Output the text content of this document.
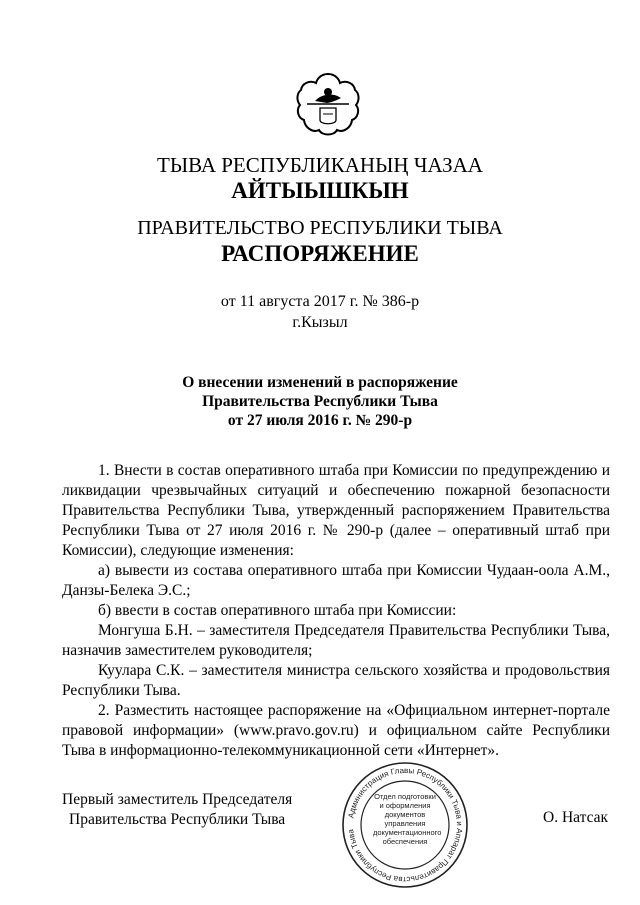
ТЫВА РЕСПУБЛИКАНЫҢ ЧАЗАА
АЙТЫЫШКЫН
ПРАВИТЕЛЬСТВО РЕСПУБЛИКИ ТЫВА
РАСПОРЯЖЕНИЕ
от 11 августа 2017 г. № 386-р
г.Кызыл
О внесении изменений в распоряжение
Правительства Республики Тыва
от 27 июля 2016 г. № 290-р

1. Внести в состав оперативного штаба при Комиссии по предупреждению и ликвидации чрезвычайных ситуаций и обеспечению пожарной безопасности Правительства Республики Тыва, утвержденный распоряжением Правительства Республики Тыва от 27 июля 2016 г. № 290-р (далее – оперативный штаб при Комиссии), следующие изменения:

а) вывести из состава оперативного штаба при Комиссии Чудаан-оола А.М., Данзы-Белека Э.С.;

б) ввести в состав оперативного штаба при Комиссии:

Монгуша Б.Н. – заместителя Председателя Правительства Республики Тыва, назначив заместителем руководителя;

Куулара С.К. – заместителя министра сельского хозяйства и продовольствия Республики Тыва.

2. Разместить настоящее распоряжение на «Официальном интернет-портале правовой информации» (www.pravo.gov.ru) и официальном сайте Республики Тыва в информационно-телекоммуникационной сети «Интернет».

Первый заместитель Председателя
Правительства Республики Тыва	О. Натсак
Администрация Главы Республики Тыва и Аппарат Правительства Республики Тыва
Отдел подготовки и оформления документов управления документационного обеспечения
